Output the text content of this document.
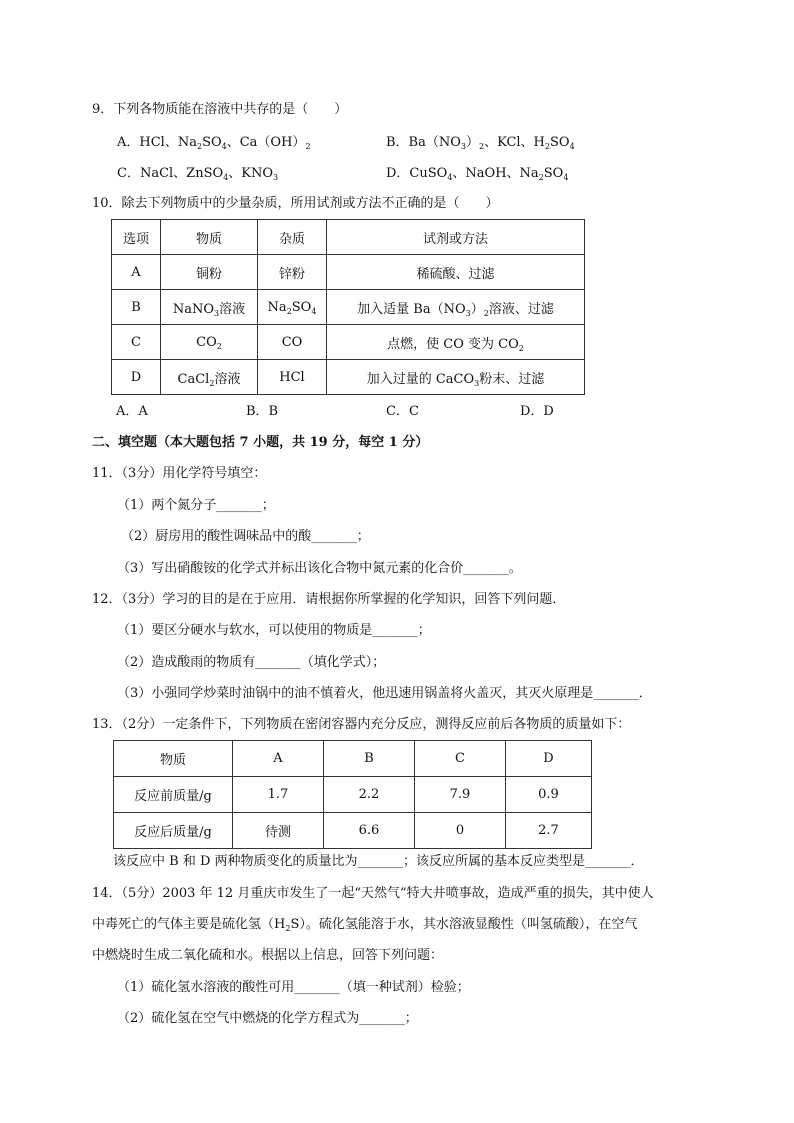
9．下列各物质能在溶液中共存的是（　　）
A．HCl、$Na_2SO_4$、$Ca(OH)_2$	B．$Ba(NO_3)_2$、KCl、$H_2SO_4$
C．NaCl、ZnSO$_4$、$KNO_3$	D．CuSO$_4$、NaOH、$Na_2SO_4$
10．除去下列物质中的少量杂质，所用试剂或方法不正确的是（　　）
选项	物质	杂质	试剂或方法
A	铜粉	锌粉	稀硫酸、过滤
B	NaNO$_3$溶液	$Na_2SO_4$	加入适量 $Ba(NO_3)_2$溶液、过滤
C	$CO_2$	CO	点燃，使 CO 变为 $CO_2$
D	CaCl$_2$溶液	HCl	加入过量的 CaCO$_3$粉末、过滤
A．A	B．B	C．C	D．D
二、填空题（本大题包括 7 小题，共 19 分，每空 1 分）
11．（3分）用化学符号填空：
（1）两个氮分子_______；
（2）厨房用的酸性调味品中的酸_______；
（3）写出硝酸铵的化学式并标出该化合物中氮元素的化合价_______。
12．（3分）学习的目的是在于应用．请根据你所掌握的化学知识，回答下列问题．
（1）要区分硬水与软水，可以使用的物质是_______；
（2）造成酸雨的物质有_______（填化学式）；
（3）小强同学炒菜时油锅中的油不慎着火，他迅速用锅盖将火盖灭，其灭火原理是_______．
13．（2分）一定条件下，下列物质在密闭容器内充分反应，测得反应前后各物质的质量如下：
物质	A	B	C	D
反应前质量/g	1.7	2.2	7.9	0.9
反应后质量/g	待测	6.6	0	2.7
该反应中 B 和 D 两种物质变化的质量比为_______；该反应所属的基本反应类型是_______．
14．（5分）2003 年 12 月重庆市发生了一起“天然气”特大井喷事故，造成严重的损失，其中使人
中毒死亡的气体主要是硫化氢$(H_2S)$。硫化氢能溶于水，其水溶液显酸性（叫氢硫酸），在空气
中燃烧时生成二氧化硫和水。根据以上信息，回答下列问题：
（1）硫化氢水溶液的酸性可用_______（填一种试剂）检验；
（2）硫化氢在空气中燃烧的化学方程式为_______；
